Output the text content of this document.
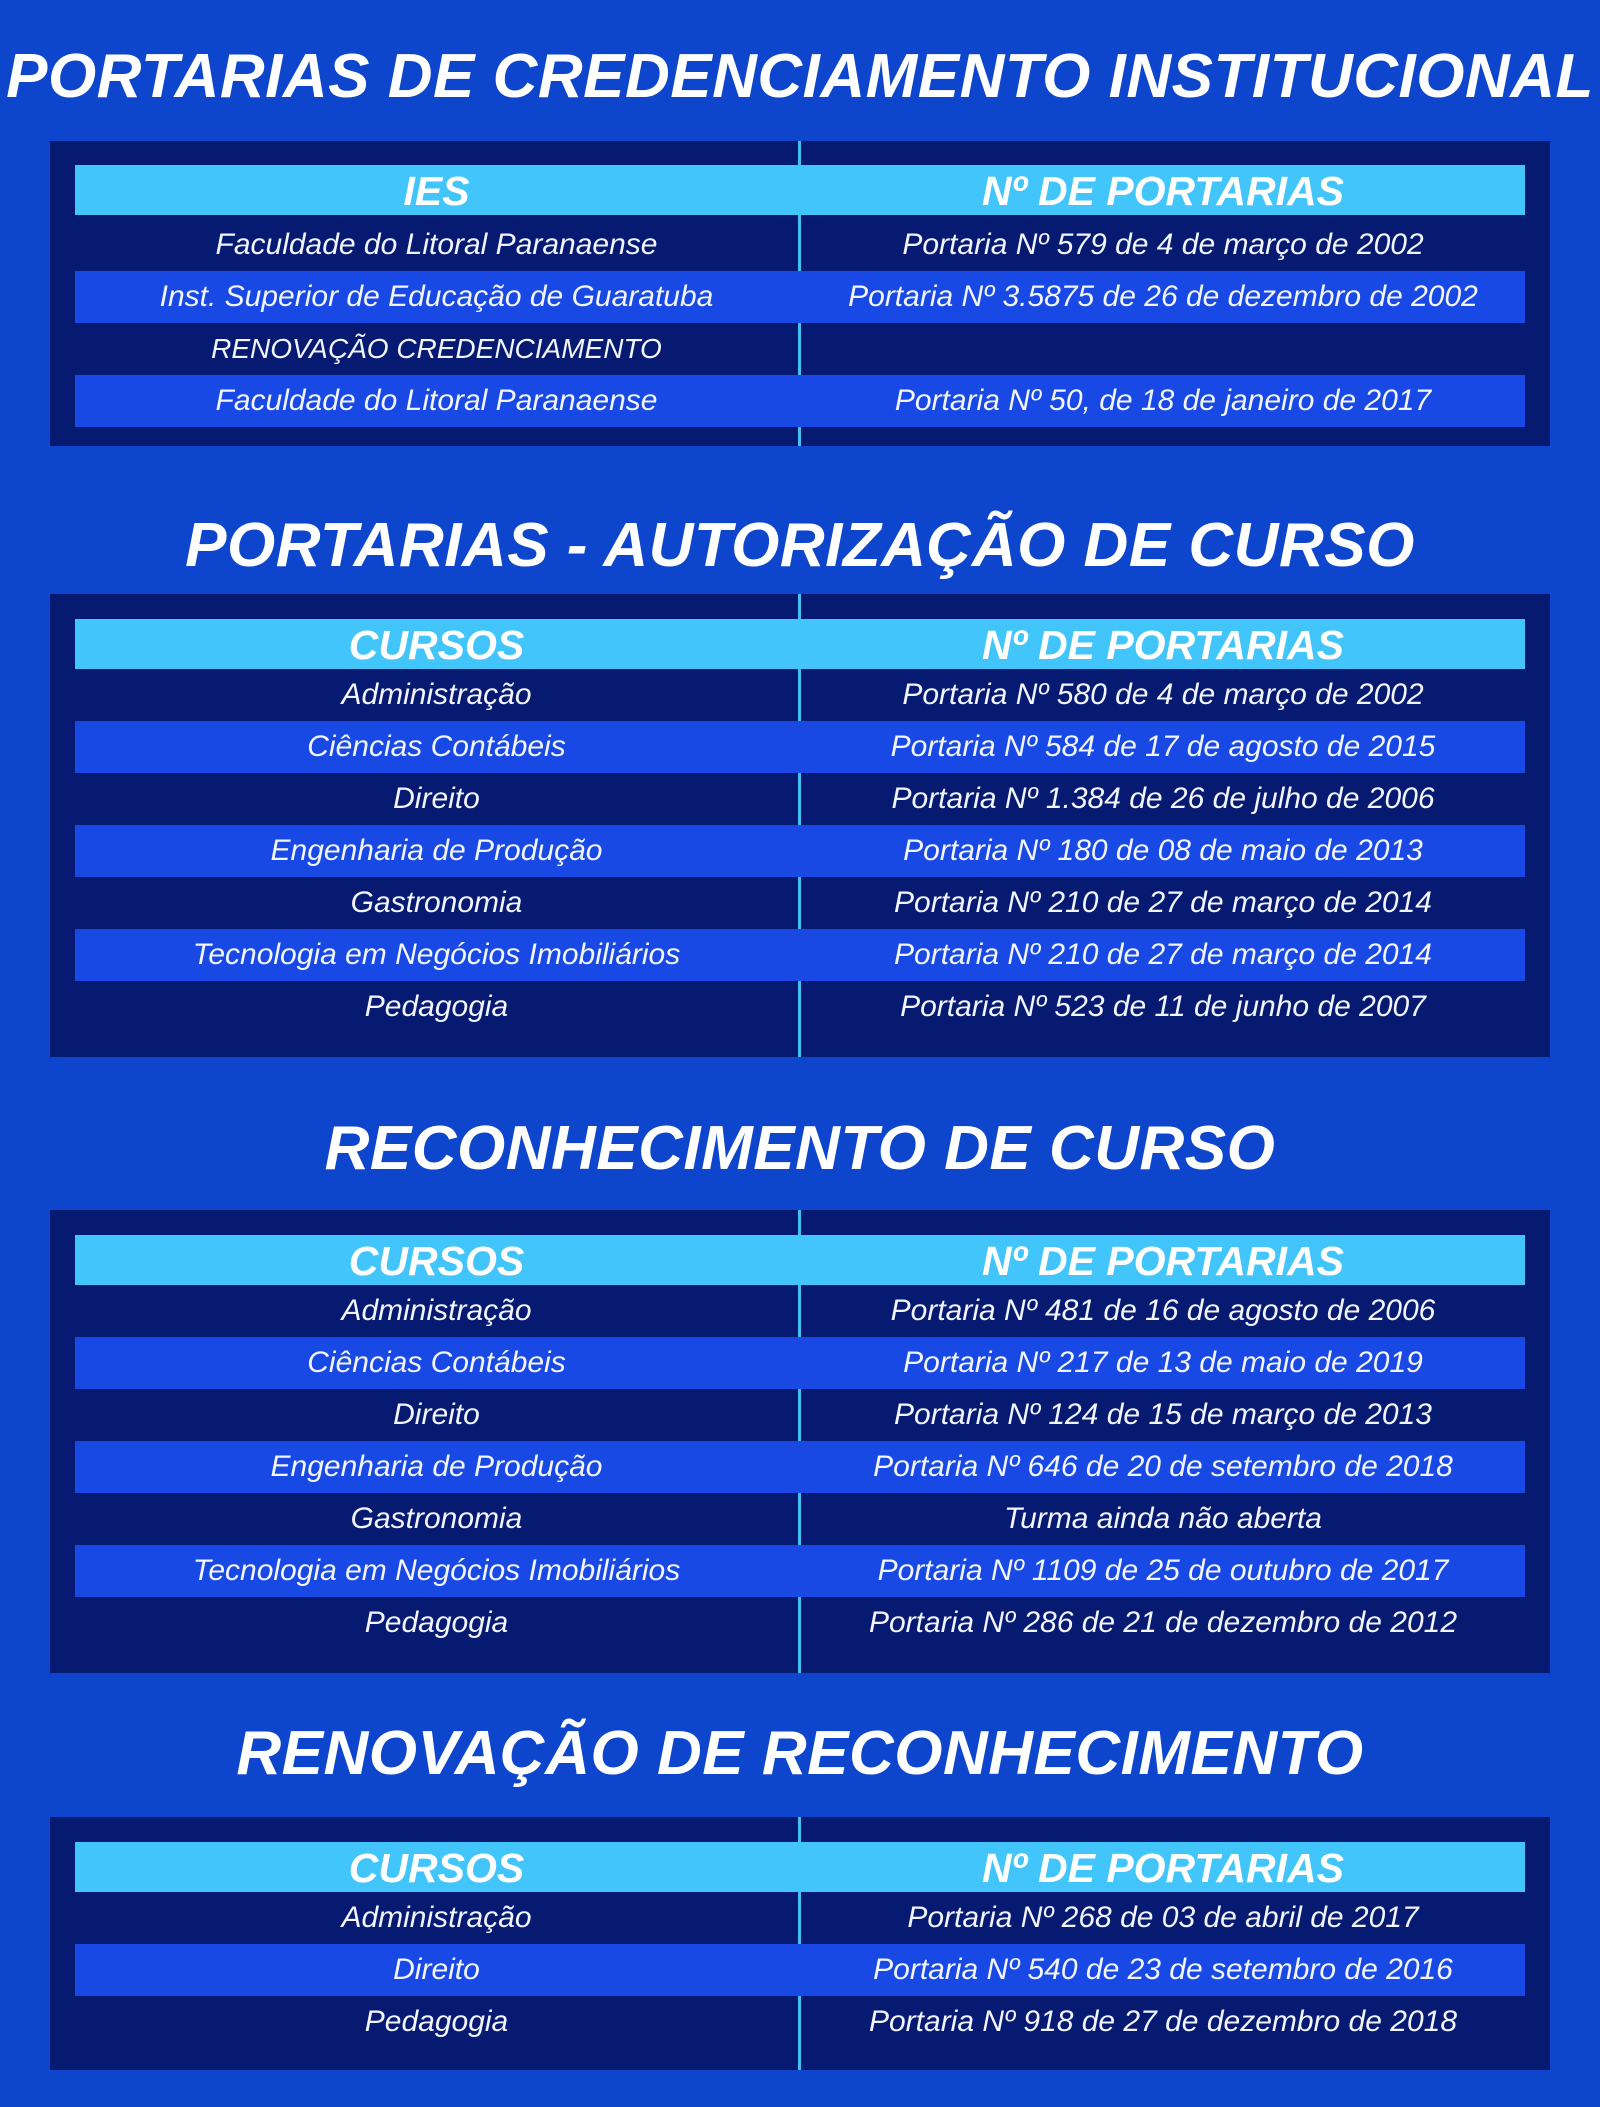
PORTARIAS DE CREDENCIAMENTO INSTITUCIONAL
IES	Nº DE PORTARIAS
Faculdade do Litoral Paranaense	Portaria Nº 579 de 4 de março de 2002
Inst. Superior de Educação de Guaratuba	Portaria Nº 3.5875 de 26 de dezembro de 2002
RENOVAÇÃO CREDENCIAMENTO
Faculdade do Litoral Paranaense	Portaria Nº 50, de 18 de janeiro de 2017
PORTARIAS - AUTORIZAÇÃO DE CURSO
CURSOS	Nº DE PORTARIAS
Administração	Portaria Nº 580 de 4 de março de 2002
Ciências Contábeis	Portaria Nº 584 de 17 de agosto de 2015
Direito	Portaria Nº 1.384 de 26 de julho de 2006
Engenharia de Produção	Portaria Nº 180 de 08 de maio de 2013
Gastronomia	Portaria Nº 210 de 27 de março de 2014
Tecnologia em Negócios Imobiliários	Portaria Nº 210 de 27 de março de 2014
Pedagogia	Portaria Nº 523 de 11 de junho de 2007
RECONHECIMENTO DE CURSO
CURSOS	Nº DE PORTARIAS
Administração	Portaria Nº 481 de 16 de agosto de 2006
Ciências Contábeis	Portaria Nº 217 de 13 de maio de 2019
Direito	Portaria Nº 124 de 15 de março de 2013
Engenharia de Produção	Portaria Nº 646 de 20 de setembro de 2018
Gastronomia	Turma ainda não aberta
Tecnologia em Negócios Imobiliários	Portaria Nº 1109 de 25 de outubro de 2017
Pedagogia	Portaria Nº 286 de 21 de dezembro de 2012
RENOVAÇÃO DE RECONHECIMENTO
CURSOS	Nº DE PORTARIAS
Administração	Portaria Nº 268 de 03 de abril de 2017
Direito	Portaria Nº 540 de 23 de setembro de 2016
Pedagogia	Portaria Nº 918 de 27 de dezembro de 2018
